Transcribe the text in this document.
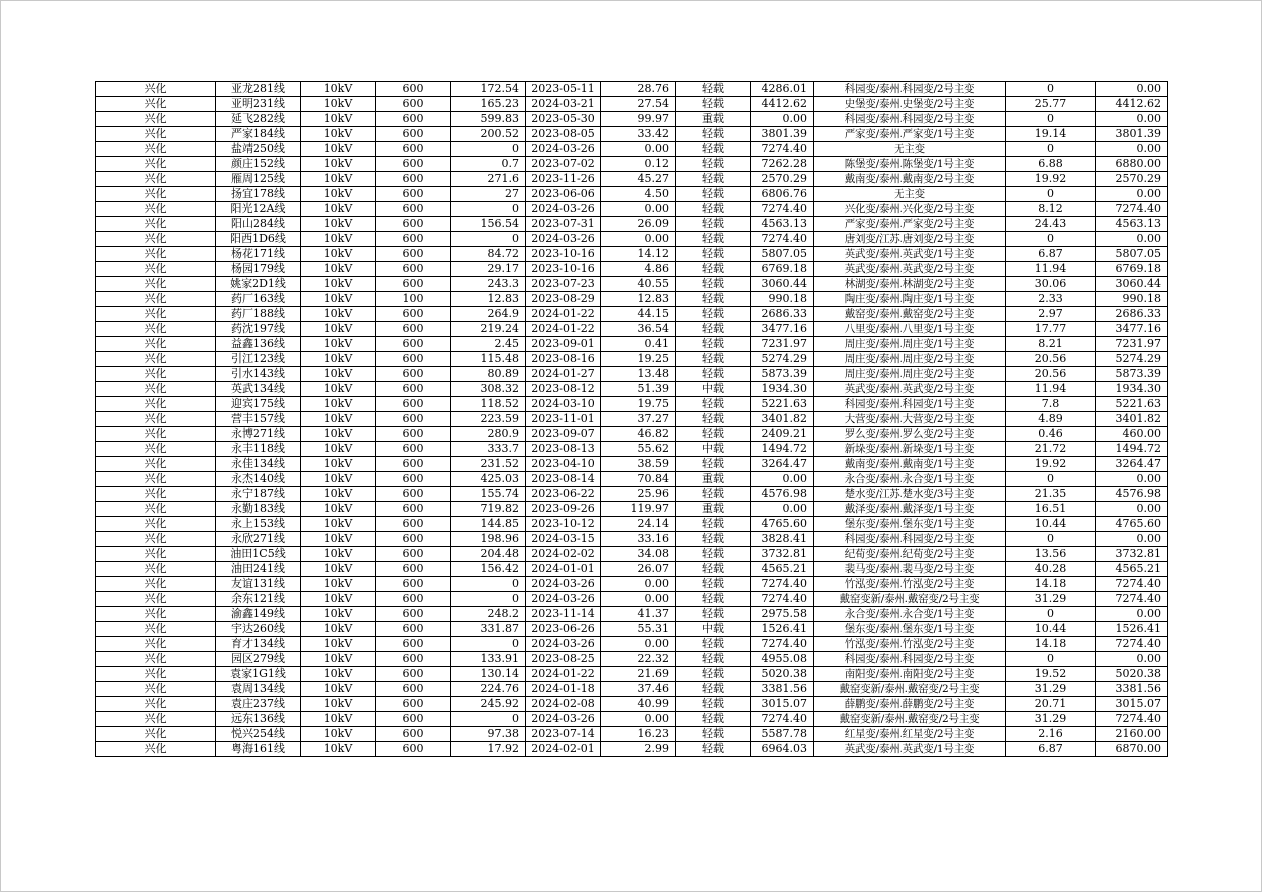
兴化	亚龙281线	10kV	600	172.54	2023-05-11	28.76	轻载	4286.01	科园变/泰州.科园变/2号主变	0	0.00
兴化	亚明231线	10kV	600	165.23	2024-03-21	27.54	轻载	4412.62	史堡变/泰州.史堡变/2号主变	25.77	4412.62
兴化	延飞282线	10kV	600	599.83	2023-05-30	99.97	重载	0.00	科园变/泰州.科园变/2号主变	0	0.00
兴化	严家184线	10kV	600	200.52	2023-08-05	33.42	轻载	3801.39	严家变/泰州.严家变/1号主变	19.14	3801.39
兴化	盐靖250线	10kV	600	0	2024-03-26	0.00	轻载	7274.40	无主变	0	0.00
兴化	颜庄152线	10kV	600	0.7	2023-07-02	0.12	轻载	7262.28	陈堡变/泰州.陈堡变/1号主变	6.88	6880.00
兴化	雁周125线	10kV	600	271.6	2023-11-26	45.27	轻载	2570.29	戴南变/泰州.戴南变/2号主变	19.92	2570.29
兴化	扬宜178线	10kV	600	27	2023-06-06	4.50	轻载	6806.76	无主变	0	0.00
兴化	阳光12A线	10kV	600	0	2024-03-26	0.00	轻载	7274.40	兴化变/泰州.兴化变/2号主变	8.12	7274.40
兴化	阳山284线	10kV	600	156.54	2023-07-31	26.09	轻载	4563.13	严家变/泰州.严家变/2号主变	24.43	4563.13
兴化	阳西1D6线	10kV	600	0	2024-03-26	0.00	轻载	7274.40	唐刘变/江苏.唐刘变/2号主变	0	0.00
兴化	杨花171线	10kV	600	84.72	2023-10-16	14.12	轻载	5807.05	英武变/泰州.英武变/1号主变	6.87	5807.05
兴化	杨园179线	10kV	600	29.17	2023-10-16	4.86	轻载	6769.18	英武变/泰州.英武变/2号主变	11.94	6769.18
兴化	姚家2D1线	10kV	600	243.3	2023-07-23	40.55	轻载	3060.44	林湖变/泰州.林湖变/2号主变	30.06	3060.44
兴化	药厂163线	10kV	100	12.83	2023-08-29	12.83	轻载	990.18	陶庄变/泰州.陶庄变/1号主变	2.33	990.18
兴化	药厂188线	10kV	600	264.9	2024-01-22	44.15	轻载	2686.33	戴窑变/泰州.戴窑变/2号主变	2.97	2686.33
兴化	药沈197线	10kV	600	219.24	2024-01-22	36.54	轻载	3477.16	八里变/泰州.八里变/1号主变	17.77	3477.16
兴化	益鑫136线	10kV	600	2.45	2023-09-01	0.41	轻载	7231.97	周庄变/泰州.周庄变/1号主变	8.21	7231.97
兴化	引江123线	10kV	600	115.48	2023-08-16	19.25	轻载	5274.29	周庄变/泰州.周庄变/2号主变	20.56	5274.29
兴化	引水143线	10kV	600	80.89	2024-01-27	13.48	轻载	5873.39	周庄变/泰州.周庄变/2号主变	20.56	5873.39
兴化	英武134线	10kV	600	308.32	2023-08-12	51.39	中载	1934.30	英武变/泰州.英武变/2号主变	11.94	1934.30
兴化	迎宾175线	10kV	600	118.52	2024-03-10	19.75	轻载	5221.63	科园变/泰州.科园变/1号主变	7.8	5221.63
兴化	营丰157线	10kV	600	223.59	2023-11-01	37.27	轻载	3401.82	大营变/泰州.大营变/2号主变	4.89	3401.82
兴化	永博271线	10kV	600	280.9	2023-09-07	46.82	轻载	2409.21	罗么变/泰州.罗么变/2号主变	0.46	460.00
兴化	永丰118线	10kV	600	333.7	2023-08-13	55.62	中载	1494.72	新垛变/泰州.新垛变/1号主变	21.72	1494.72
兴化	永佳134线	10kV	600	231.52	2023-04-10	38.59	轻载	3264.47	戴南变/泰州.戴南变/1号主变	19.92	3264.47
兴化	永杰140线	10kV	600	425.03	2023-08-14	70.84	重载	0.00	永合变/泰州.永合变/1号主变	0	0.00
兴化	永宁187线	10kV	600	155.74	2023-06-22	25.96	轻载	4576.98	楚水变/江苏.楚水变/3号主变	21.35	4576.98
兴化	永勤183线	10kV	600	719.82	2023-09-26	119.97	重载	0.00	戴泽变/泰州.戴泽变/1号主变	16.51	0.00
兴化	永上153线	10kV	600	144.85	2023-10-12	24.14	轻载	4765.60	堡东变/泰州.堡东变/1号主变	10.44	4765.60
兴化	永欣271线	10kV	600	198.96	2024-03-15	33.16	轻载	3828.41	科园变/泰州.科园变/2号主变	0	0.00
兴化	油田1C5线	10kV	600	204.48	2024-02-02	34.08	轻载	3732.81	纪荀变/泰州.纪荀变/2号主变	13.56	3732.81
兴化	油田241线	10kV	600	156.42	2024-01-01	26.07	轻载	4565.21	裴马变/泰州.裴马变/2号主变	40.28	4565.21
兴化	友谊131线	10kV	600	0	2024-03-26	0.00	轻载	7274.40	竹泓变/泰州.竹泓变/2号主变	14.18	7274.40
兴化	余东121线	10kV	600	0	2024-03-26	0.00	轻载	7274.40	戴窑变新/泰州.戴窑变/2号主变	31.29	7274.40
兴化	渝鑫149线	10kV	600	248.2	2023-11-14	41.37	轻载	2975.58	永合变/泰州.永合变/1号主变	0	0.00
兴化	宇达260线	10kV	600	331.87	2023-06-26	55.31	中载	1526.41	堡东变/泰州.堡东变/1号主变	10.44	1526.41
兴化	育才134线	10kV	600	0	2024-03-26	0.00	轻载	7274.40	竹泓变/泰州.竹泓变/2号主变	14.18	7274.40
兴化	园区279线	10kV	600	133.91	2023-08-25	22.32	轻载	4955.08	科园变/泰州.科园变/2号主变	0	0.00
兴化	袁家1G1线	10kV	600	130.14	2024-01-22	21.69	轻载	5020.38	南阳变/泰州.南阳变/2号主变	19.52	5020.38
兴化	袁周134线	10kV	600	224.76	2024-01-18	37.46	轻载	3381.56	戴窑变新/泰州.戴窑变/2号主变	31.29	3381.56
兴化	袁庄237线	10kV	600	245.92	2024-02-08	40.99	轻载	3015.07	薛鹏变/泰州.薛鹏变/2号主变	20.71	3015.07
兴化	远东136线	10kV	600	0	2024-03-26	0.00	轻载	7274.40	戴窑变新/泰州.戴窑变/2号主变	31.29	7274.40
兴化	悦兴254线	10kV	600	97.38	2023-07-14	16.23	轻载	5587.78	红星变/泰州.红星变/2号主变	2.16	2160.00
兴化	粤海161线	10kV	600	17.92	2024-02-01	2.99	轻载	6964.03	英武变/泰州.英武变/1号主变	6.87	6870.00
